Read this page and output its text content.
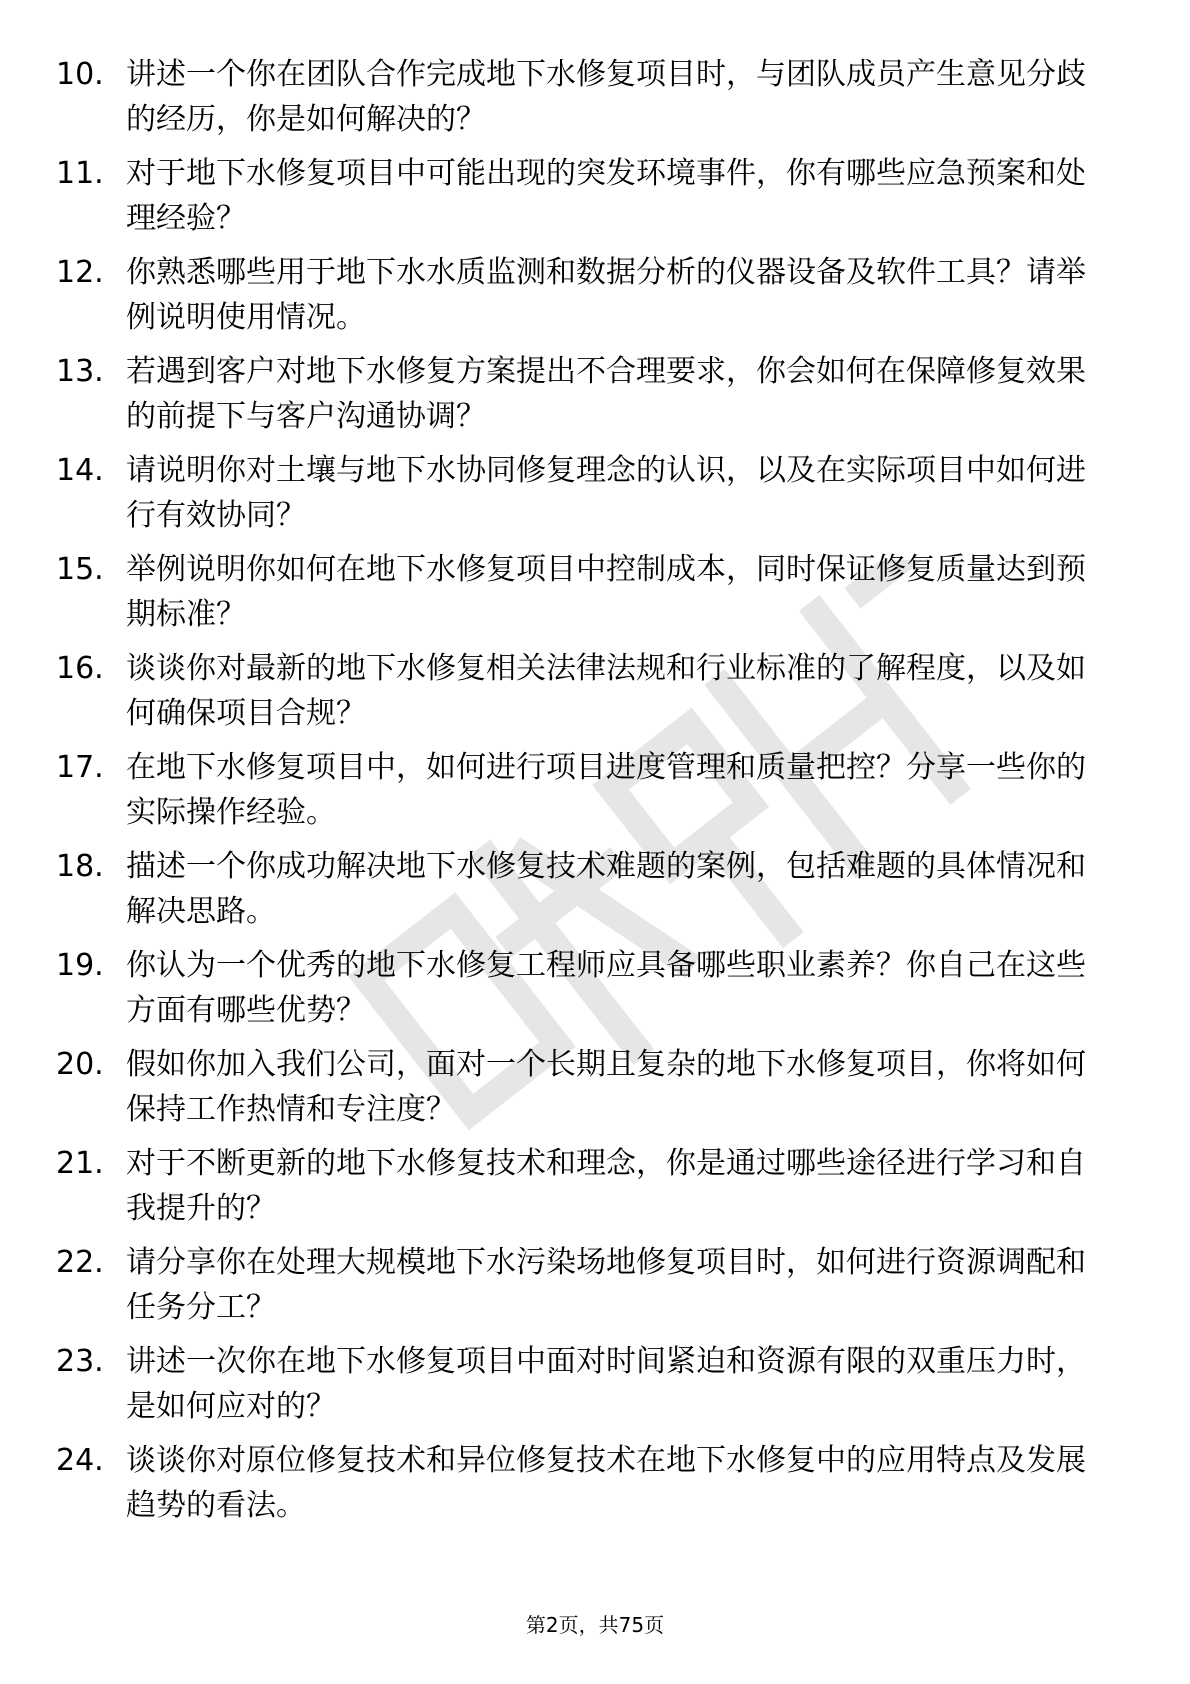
10. 讲述一个你在团队合作完成地下水修复项目时，与团队成员产生意见分歧的经历，你是如何解决的？
11. 对于地下水修复项目中可能出现的突发环境事件，你有哪些应急预案和处理经验？
12. 你熟悉哪些用于地下水水质监测和数据分析的仪器设备及软件工具？请举例说明使用情况。
13. 若遇到客户对地下水修复方案提出不合理要求，你会如何在保障修复效果的前提下与客户沟通协调？
14. 请说明你对土壤与地下水协同修复理念的认识，以及在实际项目中如何进行有效协同？
15. 举例说明你如何在地下水修复项目中控制成本，同时保证修复质量达到预期标准？
16. 谈谈你对最新的地下水修复相关法律法规和行业标准的了解程度，以及如何确保项目合规？
17. 在地下水修复项目中，如何进行项目进度管理和质量把控？分享一些你的实际操作经验。
18. 描述一个你成功解决地下水修复技术难题的案例，包括难题的具体情况和解决思路。
19. 你认为一个优秀的地下水修复工程师应具备哪些职业素养？你自己在这些方面有哪些优势？
20. 假如你加入我们公司，面对一个长期且复杂的地下水修复项目，你将如何保持工作热情和专注度？
21. 对于不断更新的地下水修复技术和理念，你是通过哪些途径进行学习和自我提升的？
22. 请分享你在处理大规模地下水污染场地修复项目时，如何进行资源调配和任务分工？
23. 讲述一次你在地下水修复项目中面对时间紧迫和资源有限的双重压力时，是如何应对的？
24. 谈谈你对原位修复技术和异位修复技术在地下水修复中的应用特点及发展趋势的看法。
第2页，共75页
